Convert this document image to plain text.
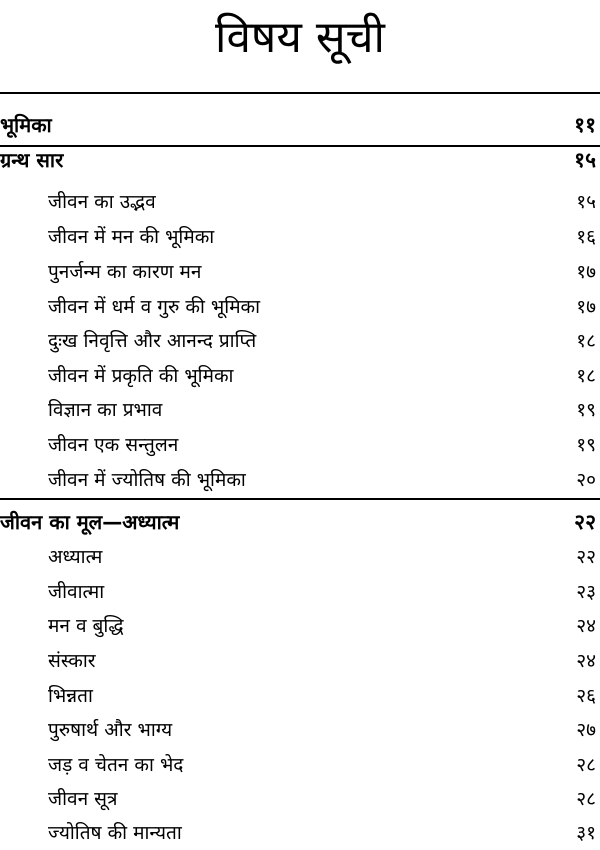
विषय सूची
भूमिका	११
ग्रन्थ सार	१५
जीवन का उद्भव	१५
जीवन में मन की भूमिका	१६
पुनर्जन्म का कारण मन	१७
जीवन में धर्म व गुरु की भूमिका	१७
दुःख निवृत्ति और आनन्द प्राप्ति	१८
जीवन में प्रकृति की भूमिका	१८
विज्ञान का प्रभाव	१९
जीवन एक सन्तुलन	१९
जीवन में ज्योतिष की भूमिका	२०
जीवन का मूल—अध्यात्म	२२
अध्यात्म	२२
जीवात्मा	२३
मन व बुद्धि	२४
संस्कार	२४
भिन्नता	२६
पुरुषार्थ और भाग्य	२७
जड़ व चेतन का भेद	२८
जीवन सूत्र	२८
ज्योतिष की मान्यता	३१
